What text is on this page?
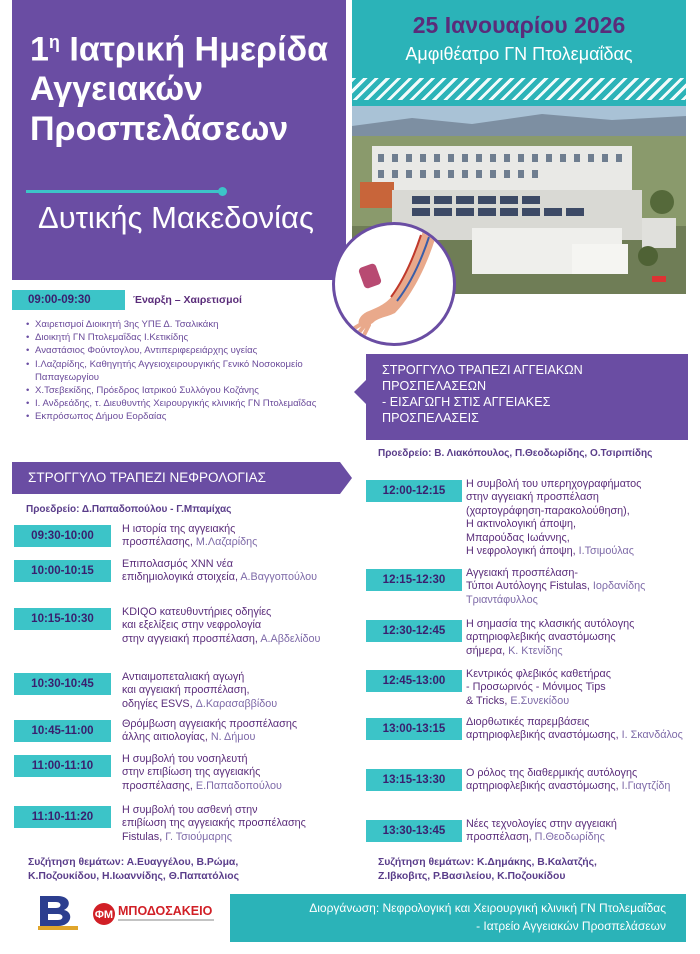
$1^\eta$ Ιατρική Ημερίδα Αγγειακών Προσπελάσεων
Δυτικής Μακεδονίας
25 Ιανουαρίου 2026
Αμφιθέατρο ΓΝ Πτολεμαΐδας
09:00-09:30	Έναρξη – Χαιρετισμοί
• Χαιρετισμοί Διοικητή 3ης ΥΠΕ Δ. Τσαλικάκη
• Διοικητή ΓΝ Πτολεμαΐδας Ι.Κετικίδης
• Αναστάσιος Φούντογλου, Αντιπεριφερειάρχης υγείας
• Ι.Λαζαρίδης, Καθηγητής Αγγειοχειρουργικής Γενικό Νοσοκομείο Παπαγεωργίου
• Χ.Τσεβεκίδης, Πρόεδρος Ιατρικού Συλλόγου Κοζάνης
• Ι. Ανδρεάδης, τ. Διευθυντής Χειρουργικής κλινικής ΓΝ Πτολεμαΐδας
• Εκπρόσωπος Δήμου Εορδαίας
ΣΤΡΟΓΓΥΛΟ ΤΡΑΠΕΖΙ ΝΕΦΡΟΛΟΓΙΑΣ
Προεδρείο: Δ.Παπαδοπούλου - Γ.Μπαμίχας
09:30-10:00
Η ιστορία της αγγειακής
προσπέλασης, Μ.Λαζαρίδης
10:00-10:15
Επιπολασμός ΧΝΝ νέα
επιδημιολογικά στοιχεία, Α.Βαγγοπούλου
10:15-10:30
KDIQO κατευθυντήριες οδηγίες
και εξελίξεις στην νεφρολογία
στην αγγειακή προσπέλαση, Α.Αβδελίδου
10:30-10:45
Αντιαιμοπεταλιακή αγωγή
και αγγειακή προσπέλαση,
οδηγίες ESVS, Δ.Καρασαββίδου
10:45-11:00
Θρόμβωση αγγειακής προσπέλασης
άλλης αιτιολογίας, Ν. Δήμου
11:00-11:10
Η συμβολή του νοσηλευτή
στην επιβίωση της αγγειακής
προσπέλασης, Ε.Παπαδοπούλου
11:10-11:20
Η συμβολή του ασθενή στην
επιβίωση της αγγειακής προσπέλασης
Fistulas, Γ. Τσιούμαρης
Συζήτηση θεμάτων: Α.Ευαγγέλου, Β.Ρώμα,
Κ.Ποζουκίδου, Η.Ιωαννίδης, Θ.Παπατόλιος
ΣΤΡΟΓΓΥΛΟ ΤΡΑΠΕΖΙ ΑΓΓΕΙΑΚΩΝ
ΠΡΟΣΠΕΛΑΣΕΩΝ
- ΕΙΣΑΓΩΓΗ ΣΤΙΣ ΑΓΓΕΙΑΚΕΣ
ΠΡΟΣΠΕΛΑΣΕΙΣ
Προεδρείο: Β. Λιακόπουλος, Π.Θεοδωρίδης, Ο.Τσιριπίδης
12:00-12:15
Η συμβολή του υπερηχογραφήματος
στην αγγειακή προσπέλαση
(χαρτογράφηση-παρακολούθηση),
Η ακτινολογική άποψη,
Μπαρούδας Ιωάννης,
Η νεφρολογική άποψη, Ι.Τσιμούλας
12:15-12:30
Αγγειακή προσπέλαση-
Τύποι Αυτόλογης Fistulas, Ιορδανίδης Τριαντάφυλλος
12:30-12:45
Η σημασία της κλασικής αυτόλογης
αρτηριοφλεβικής αναστόμωσης
σήμερα, Κ. Κτενίδης
12:45-13:00
Κεντρικός φλεβικός καθετήρας
- Προσωρινός - Μόνιμος Tips
& Tricks, Ε.Συνεκίδου
13:00-13:15
Διορθωτικές παρεμβάσεις
αρτηριοφλεβικής αναστόμωσης, Ι. Σκανδάλος
13:15-13:30
Ο ρόλος της διαθερμικής αυτόλογης
αρτηριοφλεβικής αναστόμωσης, Ι.Γιαγτζίδη
13:30-13:45
Νέες τεχνολογίες στην αγγειακή
προσπέλαση, Π.Θεοδωρίδης
Συζήτηση θεμάτων: Κ.Δημάκης, Β.Καλατζής,
Ζ.Ιβκοβιτς, Ρ.Βασιλείου, Κ.Ποζουκίδου
ΦΜ ΜΠΟΔΟΣΑΚΕΙΟ	Διοργάνωση: Νεφρολογική και Χειρουργική κλινική ΓΝ Πτολεμαΐδας
- Ιατρείο Αγγειακών Προσπελάσεων
